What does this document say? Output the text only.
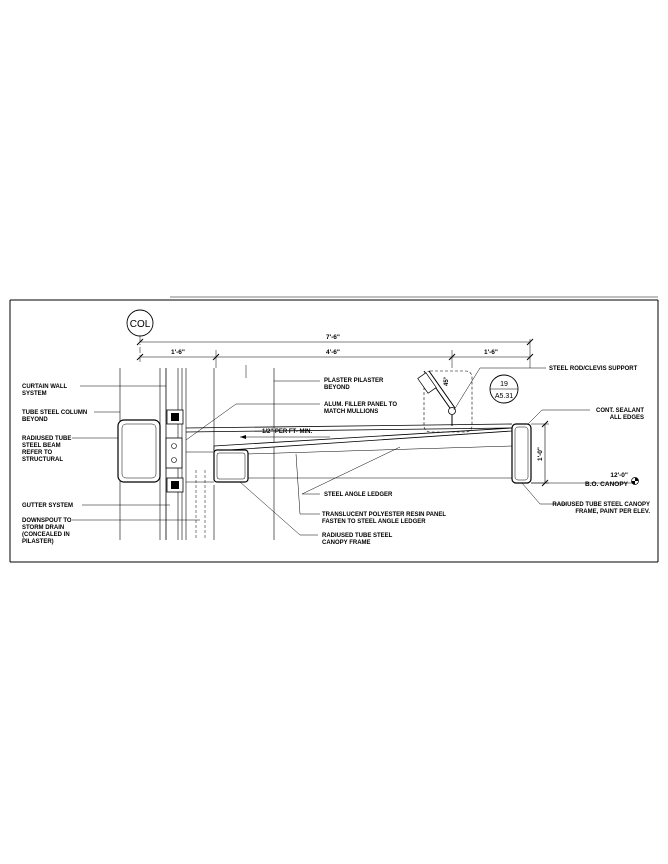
COL
7'-6"
1'-6"	4'-6"	1'-6"
1/2" PER FT- MIN.
45°	19
A5.31
1'-0"
12'-0"
B.O. CANOPY
CURTAIN WALL SYSTEM
TUBE STEEL COLUMN BEYOND
RADIUSED TUBE STEEL BEAM REFER TO STRUCTURAL
GUTTER SYSTEM
DOWNSPOUT TO STORM DRAIN (CONCEALED IN PILASTER)
PLASTER PILASTER BEYOND
ALUM. FILLER PANEL TO MATCH MULLIONS
STEEL ANGLE LEDGER
TRANSLUCENT POLYESTER RESIN PANEL FASTEN TO STEEL ANGLE LEDGER
RADIUSED TUBE STEEL CANOPY FRAME
STEEL ROD/CLEVIS SUPPORT
CONT. SEALANT ALL EDGES
RADIUSED TUBE STEEL CANOPY FRAME, PAINT PER ELEV.
